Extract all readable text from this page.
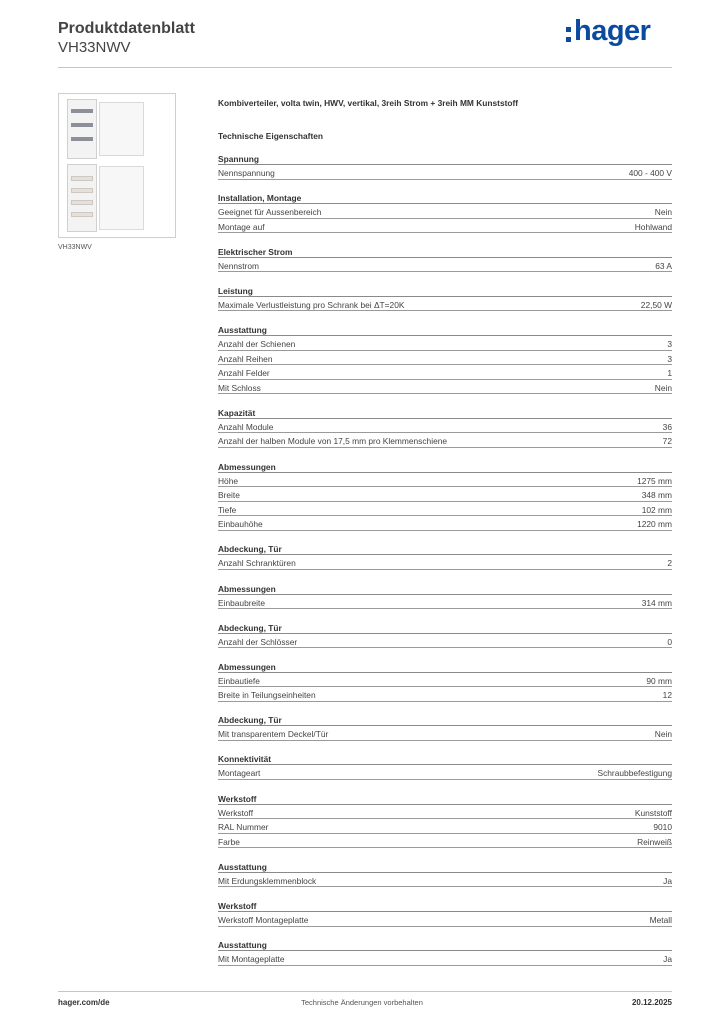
Produktdatenblatt
VH33NWV
hager
VH33NWV
Kombiverteiler, volta twin, HWV, vertikal, 3reih Strom + 3reih MM Kunststoff
Technische Eigenschaften
Spannung
Nennspannung	400 - 400 V
Installation, Montage
Geeignet für Aussenbereich	Nein
Montage auf	Hohlwand
Elektrischer Strom
Nennstrom	63 A
Leistung
Maximale Verlustleistung pro Schrank bei ΔT=20K	22,50 W
Ausstattung
Anzahl der Schienen	3
Anzahl Reihen	3
Anzahl Felder	1
Mit Schloss	Nein
Kapazität
Anzahl Module	36
Anzahl der halben Module von 17,5 mm pro Klemmenschiene	72
Abmessungen
Höhe	1275 mm
Breite	348 mm
Tiefe	102 mm
Einbauhöhe	1220 mm
Abdeckung, Tür
Anzahl Schranktüren	2
Abmessungen
Einbaubreite	314 mm
Abdeckung, Tür
Anzahl der Schlösser	0
Abmessungen
Einbautiefe	90 mm
Breite in Teilungseinheiten	12
Abdeckung, Tür
Mit transparentem Deckel/Tür	Nein
Konnektivität
Montageart	Schraubbefestigung
Werkstoff
Werkstoff	Kunststoff
RAL Nummer	9010
Farbe	Reinweiß
Ausstattung
Mit Erdungsklemmenblock	Ja
Werkstoff
Werkstoff Montageplatte	Metall
Ausstattung
Mit Montageplatte	Ja
hager.com/de	Technische Änderungen vorbehalten	20.12.2025
